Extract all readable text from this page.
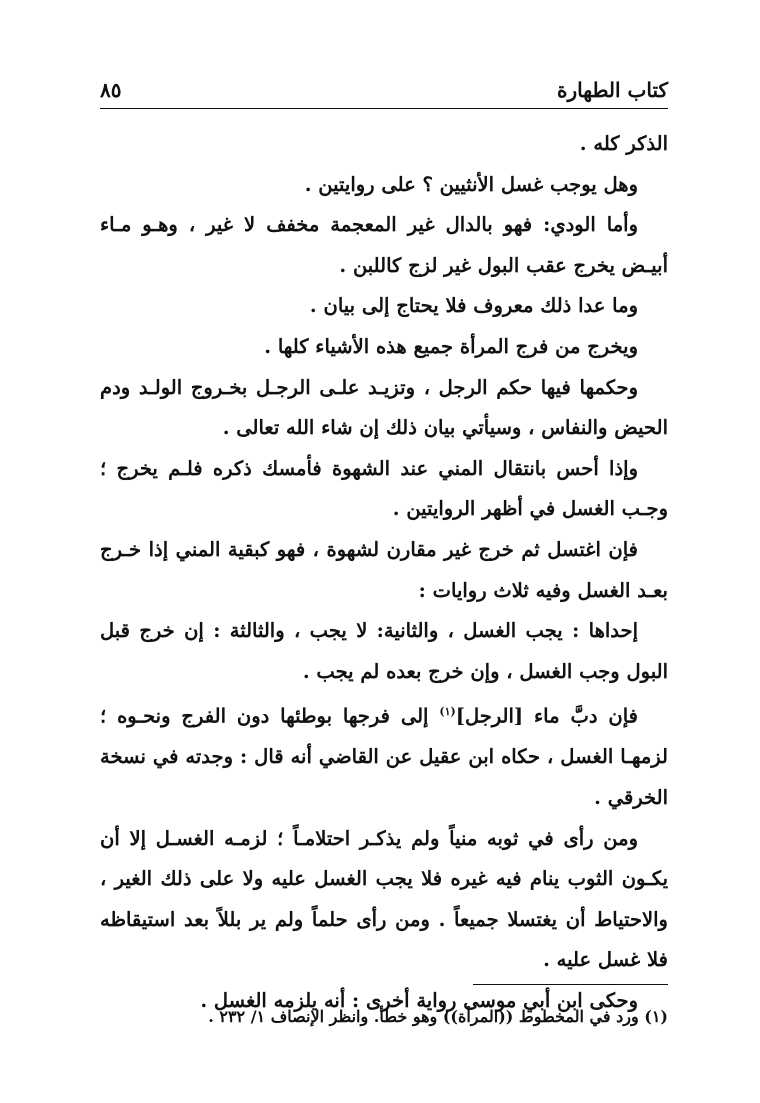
كتاب الطهارة
٨٥

الذكر كله .

وهل يوجب غسل الأنثيين ؟ على روايتين .

وأما الودي: فهو بالدال غير المعجمة مخفف لا غير ، وهـو مـاء أبيـض يخرج عقب البول غير لزج كاللبن .

وما عدا ذلك معروف فلا يحتاج إلى بيان .

ويخرج من فرج المرأة جميع هذه الأشياء كلها .

وحكمها فيها حكم الرجل ، وتزيـد علـى الرجـل بخـروج الولـد ودم الحيض والنفاس ، وسيأتي بيان ذلك إن شاء الله تعالى .

وإذا أحس بانتقال المني عند الشهوة فأمسك ذكره فلـم يخرج ؛ وجـب الغسل في أظهر الروايتين .

فإن اغتسل ثم خرج غير مقارن لشهوة ، فهو كبقية المني إذا خـرج بعـد الغسل وفيه ثلاث روايات :

إحداها : يجب الغسل ، والثانية: لا يجب ، والثالثة : إن خرج قبل البول وجب الغسل ، وإن خرج بعده لم يجب .

فإن دبَّ ماء [الرجل]$^{(١)}$ إلى فرجها بوطئها دون الفرج ونحـوه ؛ لزمهـا الغسل ، حكاه ابن عقيل عن القاضي أنه قال : وجدته في نسخة الخرقي .

ومن رأى في ثوبه منياً ولم يذكـر احتلامـاً ؛ لزمـه الغسـل إلا أن يكـون الثوب ينام فيه غيره فلا يجب الغسل عليه ولا على ذلك الغير ، والاحتياط أن يغتسلا جميعاً . ومن رأى حلماً ولم ير بللاً بعد استيقاظه فلا غسل عليه .

وحكى ابن أبي موسى رواية أخرى : أنه يلزمه الغسل .

(١) ورد في المخطوط ((المرأة)) وهو خطأ. وانظر الإنصاف ١/ ٢٣٢ .
